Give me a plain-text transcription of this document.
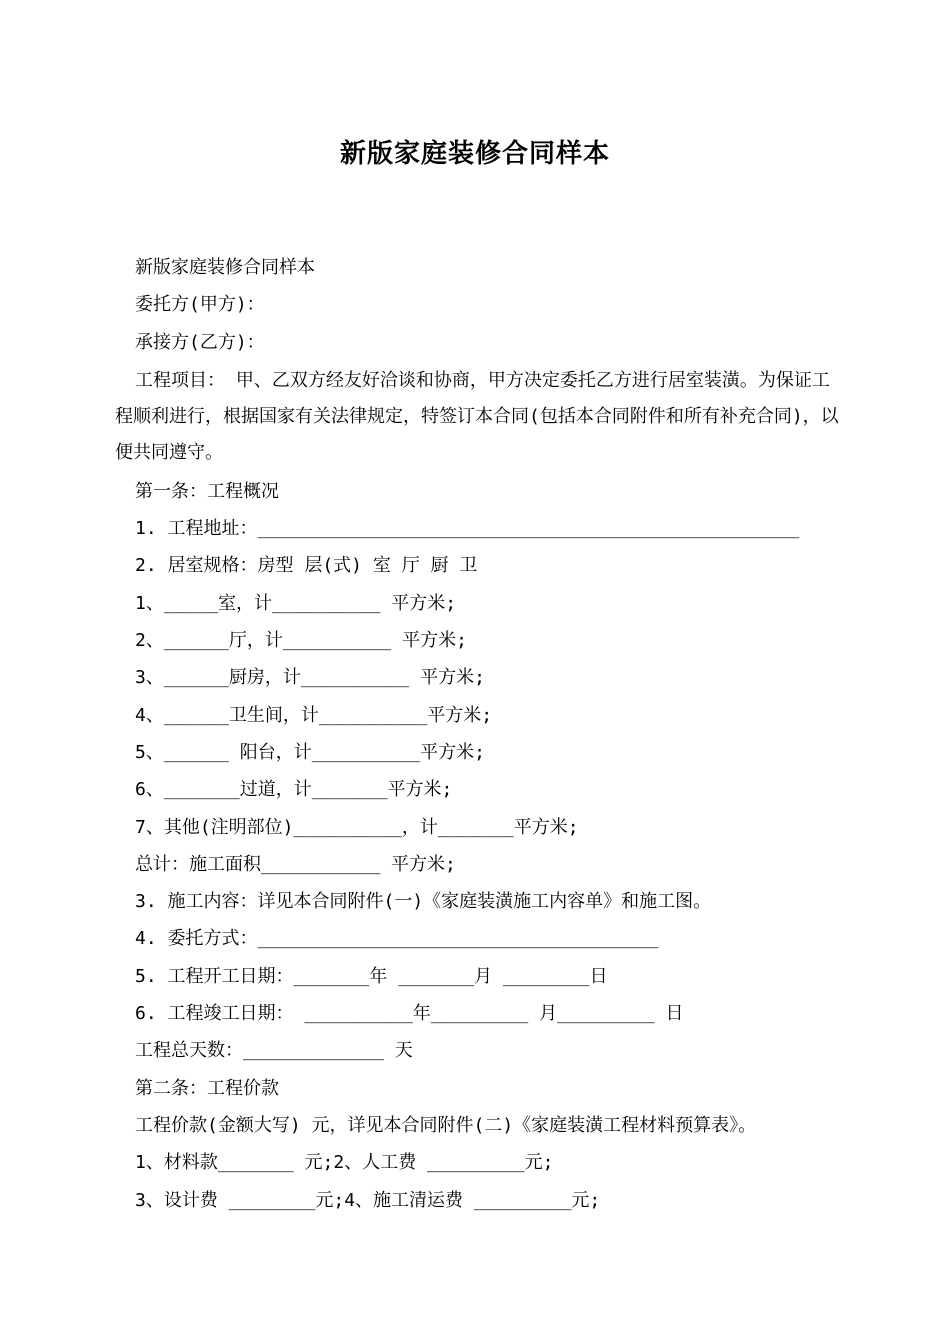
新版家庭装修合同样本
新版家庭装修合同样本
委托方(甲方)：
承接方(乙方)：
工程项目： 甲、乙双方经友好洽谈和协商，甲方决定委托乙方进行居室装潢。为保证工程顺利进行，根据国家有关法律规定，特签订本合同(包括本合同附件和所有补充合同)，以便共同遵守。
第一条：工程概况
1. 工程地址：__________________________________________________
2. 居室规格：房型 层(式) 室 厅 厨 卫
1、_____室，计__________ 平方米;
2、______厅，计__________ 平方米;
3、______厨房，计__________ 平方米;
4、______卫生间，计__________平方米;
5、______ 阳台，计__________平方米;
6、_______过道，计_______平方米;
7、其他(注明部位)__________，计_______平方米;
总计：施工面积___________ 平方米;
3. 施工内容：详见本合同附件(一)《家庭装潢施工内容单》和施工图。
4. 委托方式：_____________________________________
5. 工程开工日期：_______年 _______月 ________日
6. 工程竣工日期： __________年_________ 月_________ 日
工程总天数：_____________ 天
第二条：工程价款
工程价款(金额大写) 元，详见本合同附件(二)《家庭装潢工程材料预算表》。
1、材料款_______ 元;2、人工费 _________元;
3、设计费 ________元;4、施工清运费 _________元;
